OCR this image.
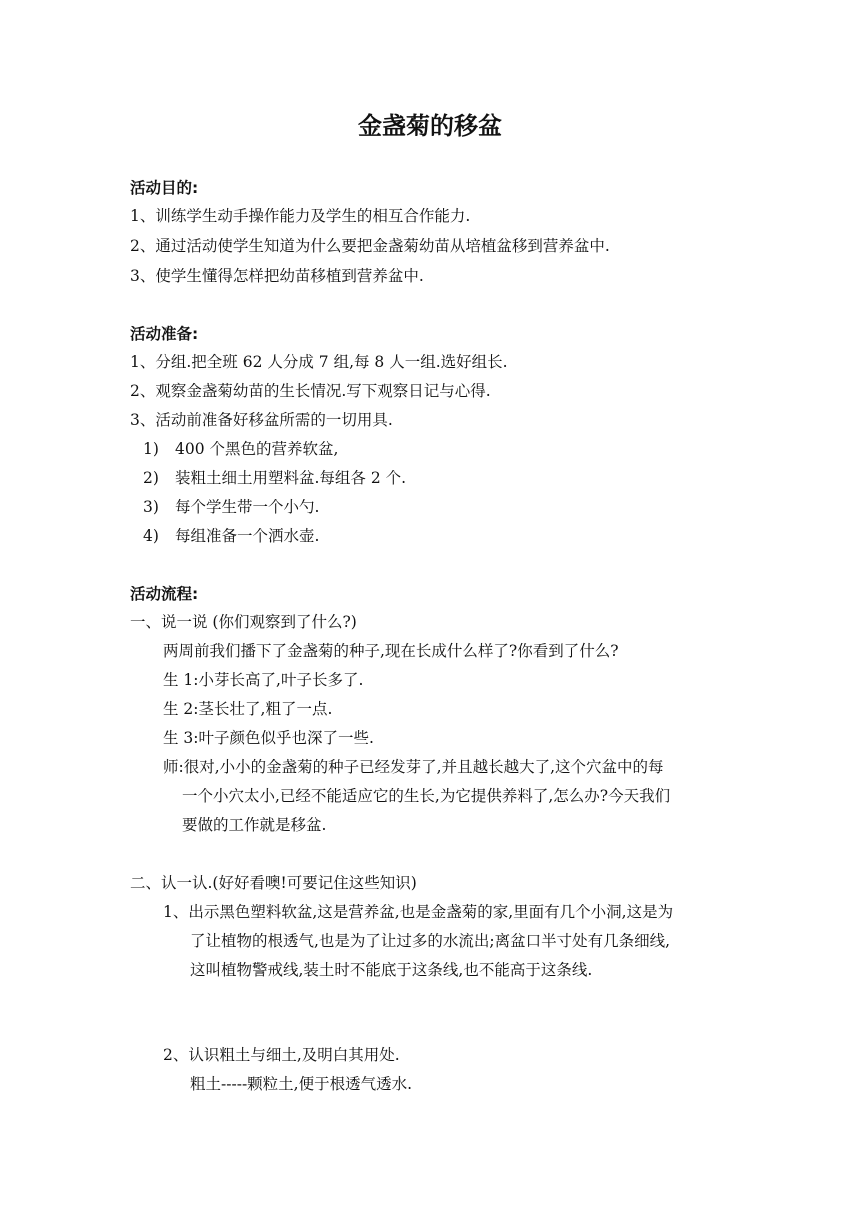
金盏菊的移盆
活动目的:
1、训练学生动手操作能力及学生的相互合作能力.
2、通过活动使学生知道为什么要把金盏菊幼苗从培植盆移到营养盆中.
3、使学生懂得怎样把幼苗移植到营养盆中.
活动准备:
1、分组.把全班 62 人分成 7 组,每 8 人一组.选好组长.
2、观察金盏菊幼苗的生长情况.写下观察日记与心得.
3、活动前准备好移盆所需的一切用具.
1) 400 个黑色的营养软盆,
2) 装粗土细土用塑料盆.每组各 2 个.
3) 每个学生带一个小勺.
4) 每组准备一个洒水壶.
活动流程:
一、说一说 (你们观察到了什么?)
两周前我们播下了金盏菊的种子,现在长成什么样了?你看到了什么?
生 1:小芽长高了,叶子长多了.
生 2:茎长壮了,粗了一点.
生 3:叶子颜色似乎也深了一些.
师:很对,小小的金盏菊的种子已经发芽了,并且越长越大了,这个穴盆中的每
一个小穴太小,已经不能适应它的生长,为它提供养料了,怎么办?今天我们
要做的工作就是移盆.
二、认一认.(好好看噢!可要记住这些知识)
1、出示黑色塑料软盆,这是营养盆,也是金盏菊的家,里面有几个小洞,这是为
了让植物的根透气,也是为了让过多的水流出;离盆口半寸处有几条细线,
这叫植物警戒线,装土时不能底于这条线,也不能高于这条线.
2、认识粗土与细土,及明白其用处.
粗土-----颗粒土,便于根透气透水.
